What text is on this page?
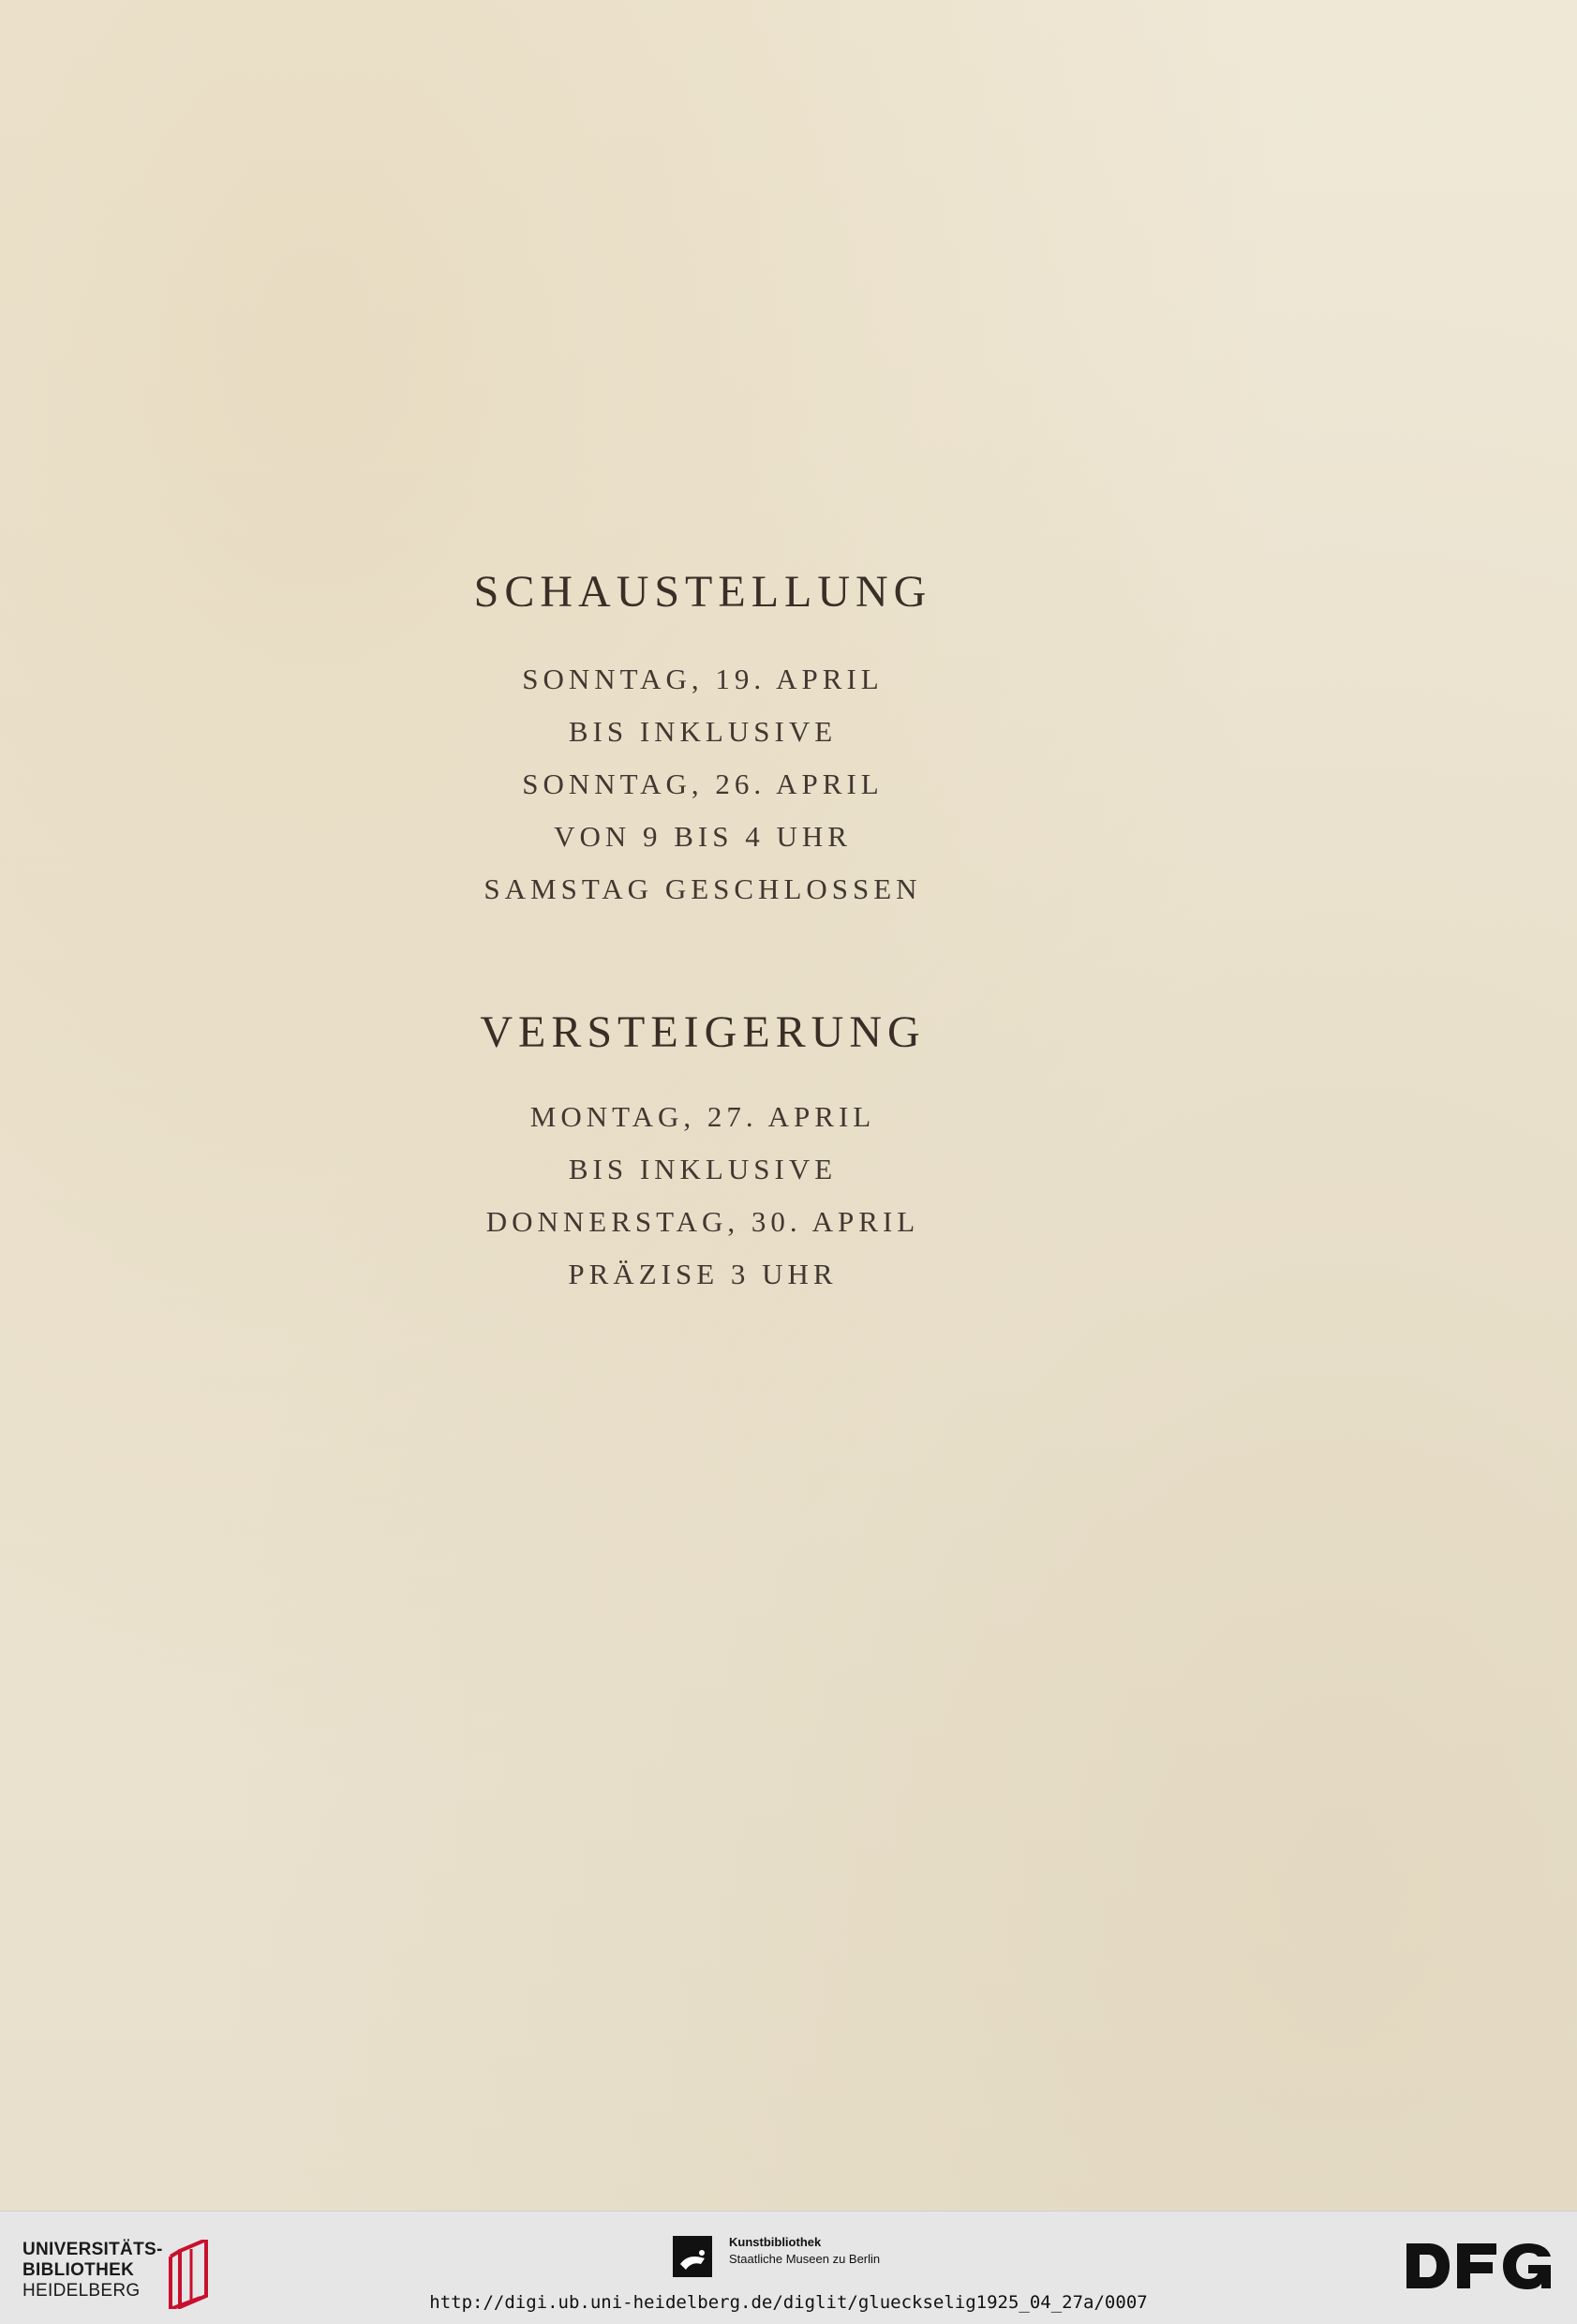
SCHAUSTELLUNG

SONNTAG, 19. APRIL

BIS INKLUSIVE

SONNTAG, 26. APRIL

VON 9 BIS 4 UHR

SAMSTAG GESCHLOSSEN

VERSTEIGERUNG

MONTAG, 27. APRIL

BIS INKLUSIVE

DONNERSTAG, 30. APRIL

PRÄZISE 3 UHR

UNIVERSITÄTS-
BIBLIOTHEK
HEIDELBERG
Kunstbibliothek
Staatliche Museen zu Berlin
http://digi.ub.uni-heidelberg.de/diglit/glueckselig1925_04_27a/0007
